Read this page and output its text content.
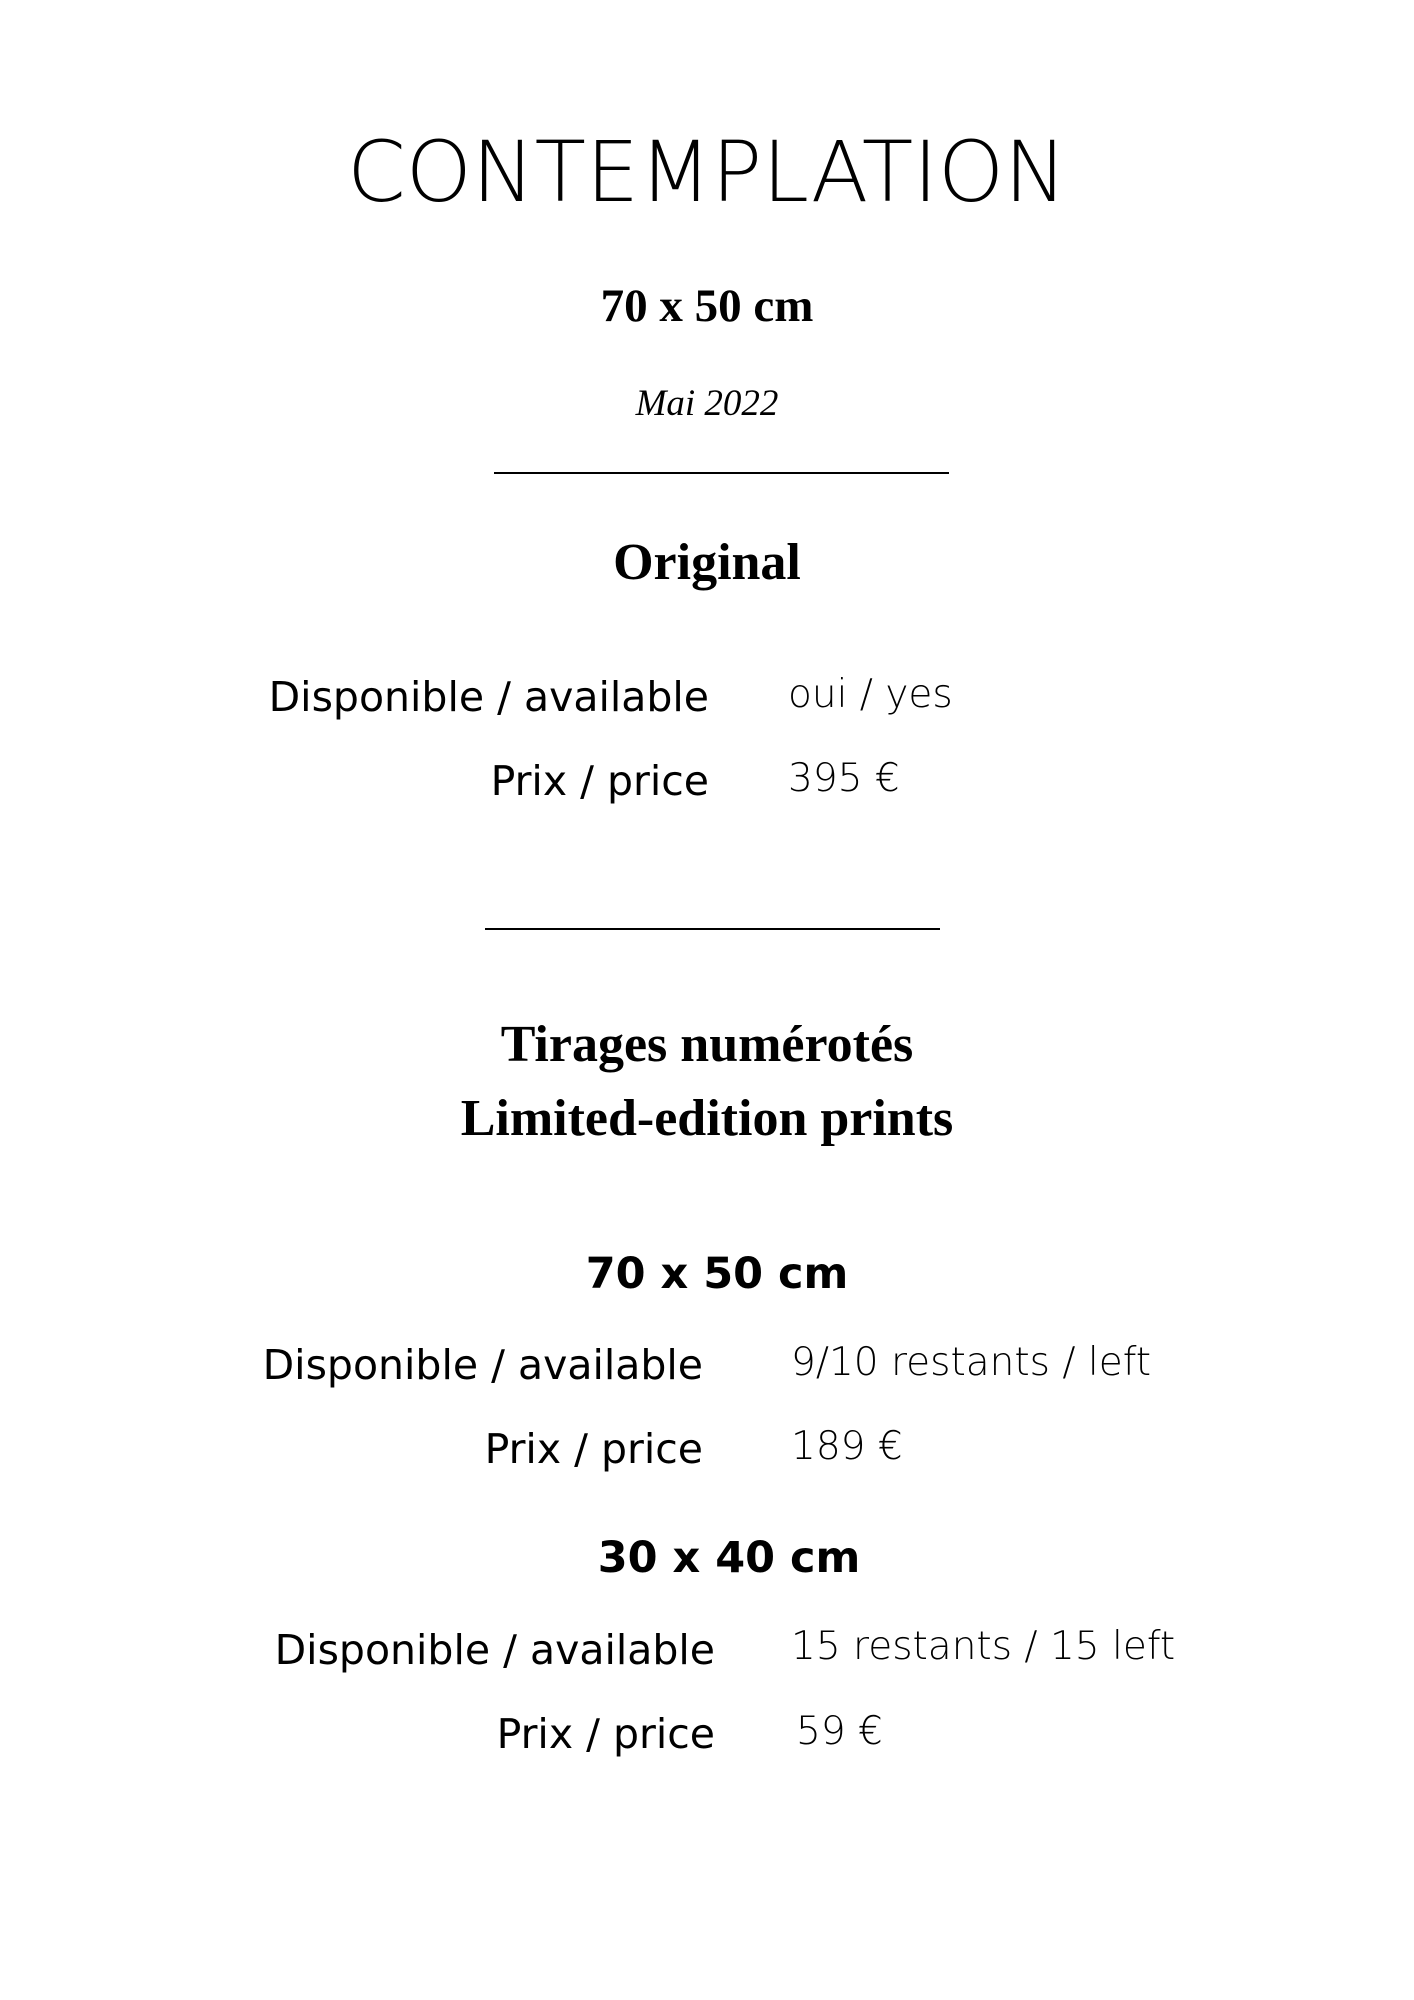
CONTEMPLATION
70 x 50 cm
Mai 2022
Original
Disponible / available oui / yes
Prix / price 395 €
Tirages numérotés
Limited-edition prints
70 x 50 cm
Disponible / available 9/10 restants / left
Prix / price 189 €
30 x 40 cm
Disponible / available 15 restants / 15 left
Prix / price 59 €
